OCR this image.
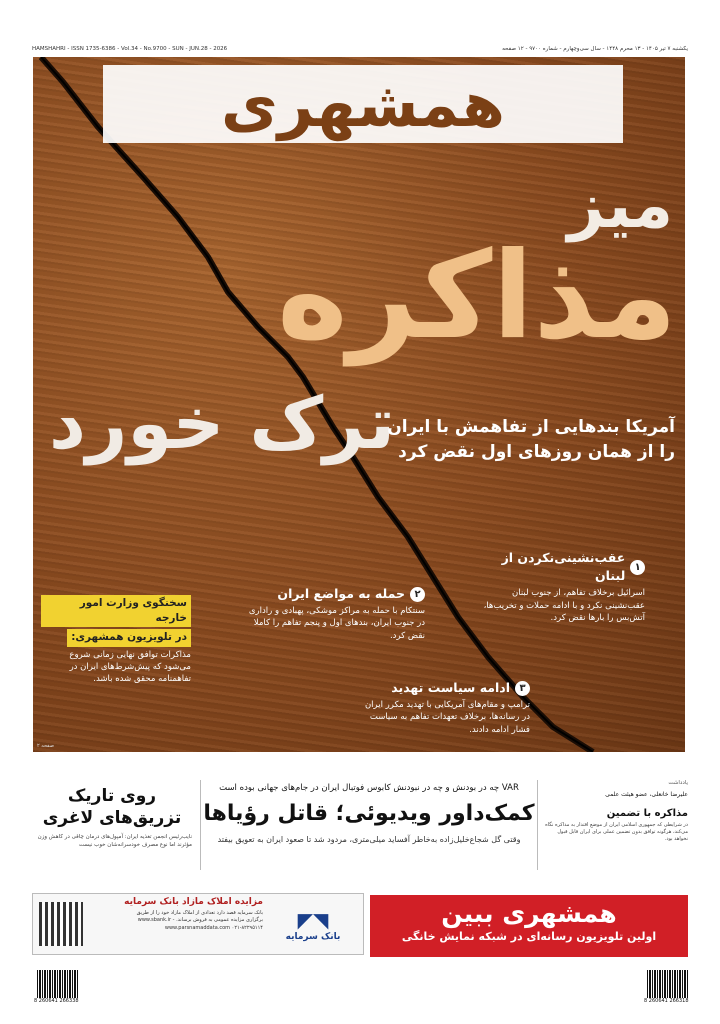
HAMSHAHRI - ISSN 1735-6386 - Vol.34 - No.9700 - SUN - JUN.28 - 2026	یکشنبه ۷ تیر ۱۴۰۵ - ۱۳ محرم ۱۴۴۸ - سال سی‌و‌چهارم - شماره ۹۷۰۰ - ۱۲ صفحه
همشهری
میز
مذاکره
ترک خورد
آمریکا بندهایی از تفاهمش با ایران را از همان روزهای اول نقض کرد
۱
عقب‌نشینی‌نکردن از لبنان
اسرائیل برخلاف تفاهم، از جنوب لبنان عقب‌نشینی نکرد و با ادامه حملات و تخریب‌ها، آتش‌بس را بارها نقض کرد.
۲
حمله به مواضع ایران
سنتکام با حمله به مراکز موشکی، پهبادی و راداری در جنوب ایران، بندهای اول و پنجم تفاهم را کاملا نقض کرد.
۳
ادامه سیاست تهدید
ترامپ و مقام‌های آمریکایی با تهدید مکرر ایران در رسانه‌ها، برخلاف تعهدات تفاهم به سیاست فشار ادامه دادند.
سخنگوی وزارت امور خارجه
در تلویزیون همشهری:
مذاکرات توافق نهایی زمانی شروع می‌شود که پیش‌شرط‌های ایران در تفاهمنامه محقق شده باشد.
صفحه ۲
یادداشت
علیرضا خانعلی، عضو هیئت علمی
مذاکره با تضمین
در شرایطی که جمهوری اسلامی ایران از موضع اقتدار به مذاکره نگاه می‌کند، هرگونه توافق بدون تضمین عملی برای ایران قابل قبول نخواهد بود.
VAR چه در بودنش و چه در نبودنش کابوس فوتبال ایران در جام‌های جهانی بوده است
کمک‌داور ویدیوئی؛ قاتل رؤیاها
وقتی گل شجاع‌خلیل‌زاده به‌خاطر آفساید میلی‌متری، مردود شد تا صعود ایران به تعویق بیفتد
روی تاریک
تزریق‌های لاغری
نایب‌رئیس انجمن تغذیه ایران: آمپول‌های درمان چاقی در کاهش وزن مؤثرند اما نوع مصرف خودسرانه‌شان خوب نیست
همشهری ببین
اولین تلویزیون رسانه‌ای در شبکه نمایش خانگی
مزایده املاک مازاد بانک سرمایه
بانک سرمایه قصد دارد تعدادی از املاک مازاد خود را از طریق برگزاری مزایده عمومی به فروش برساند. www.sbank.ir - www.parsnamaddata.com ۰۲۱-۸۲۲۹۵۱۱۴	◥◤
بانک سرمایه
8 260641 266338	8 260641 266318
